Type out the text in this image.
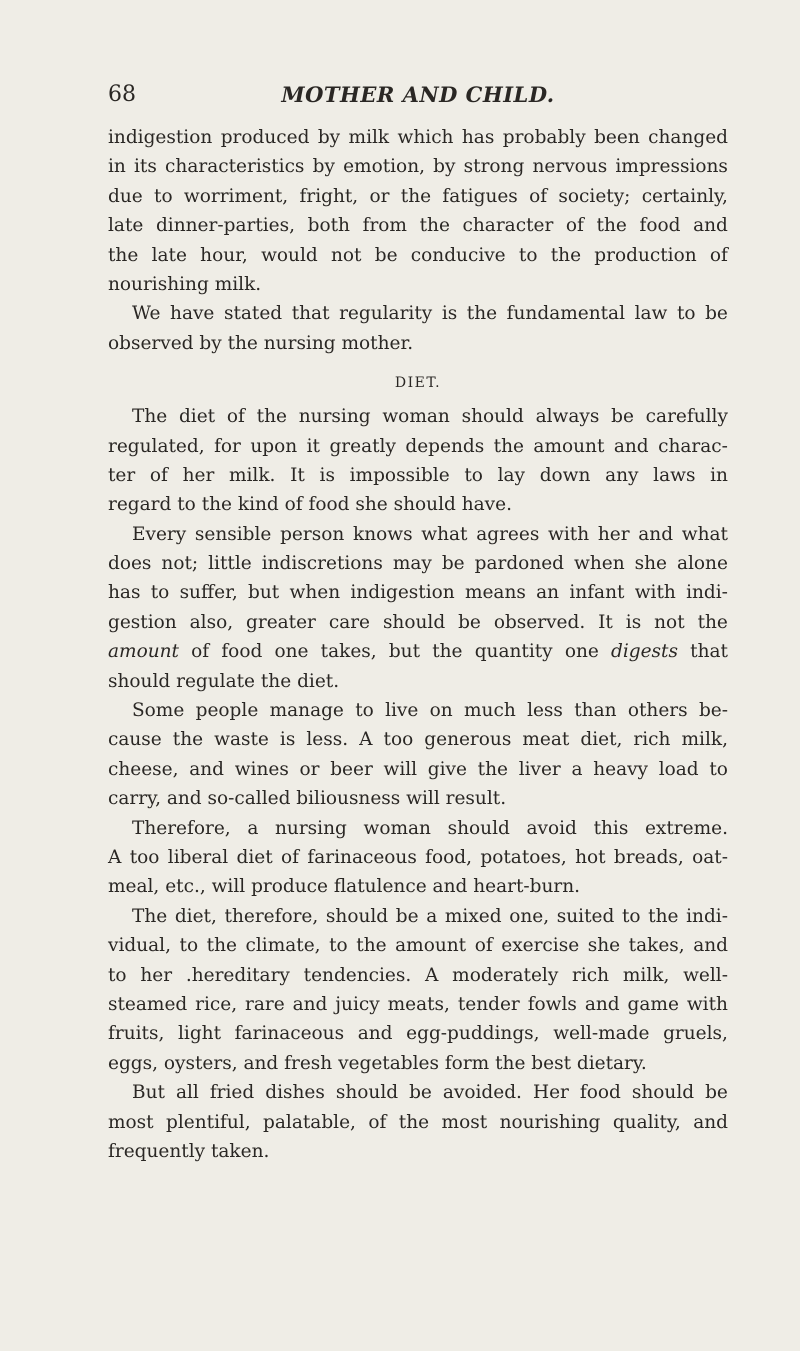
68	MOTHER AND CHILD.
indigestion produced by milk which has probably been changed
in its characteristics by emotion, by strong nervous impressions
due to worriment, fright, or the fatigues of society; certainly,
late dinner-parties, both from the character of the food and
the late hour, would not be conducive to the production of
nourishing milk.
We have stated that regularity is the fundamental law to be
observed by the nursing mother.
DIET.
The diet of the nursing woman should always be carefully
regulated, for upon it greatly depends the amount and charac-
ter of her milk. It is impossible to lay down any laws in
regard to the kind of food she should have.
Every sensible person knows what agrees with her and what
does not; little indiscretions may be pardoned when she alone
has to suffer, but when indigestion means an infant with indi-
gestion also, greater care should be observed. It is not the
amount of food one takes, but the quantity one digests that
should regulate the diet.
Some people manage to live on much less than others be-
cause the waste is less. A too generous meat diet, rich milk,
cheese, and wines or beer will give the liver a heavy load to
carry, and so-called biliousness will result.
Therefore, a nursing woman should avoid this extreme.
A too liberal diet of farinaceous food, potatoes, hot breads, oat-
meal, etc., will produce flatulence and heart-burn.
The diet, therefore, should be a mixed one, suited to the indi-
vidual, to the climate, to the amount of exercise she takes, and
to her .hereditary tendencies. A moderately rich milk, well-
steamed rice, rare and juicy meats, tender fowls and game with
fruits, light farinaceous and egg-puddings, well-made gruels,
eggs, oysters, and fresh vegetables form the best dietary.
But all fried dishes should be avoided. Her food should be
most plentiful, palatable, of the most nourishing quality, and
frequently taken.
